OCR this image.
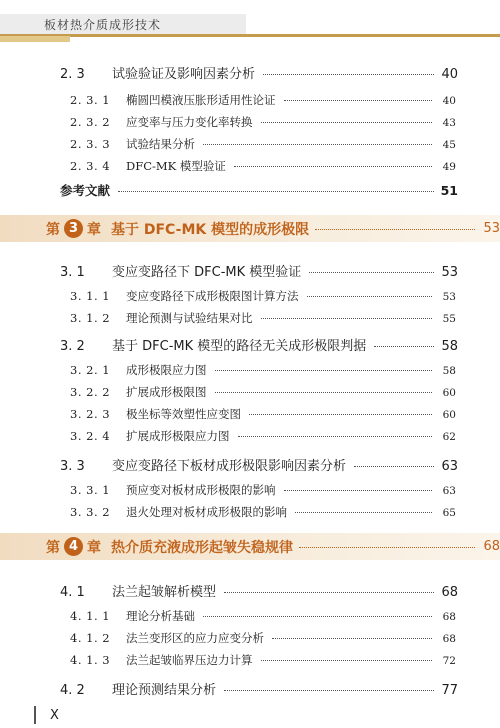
板材热介质成形技术
2. 3	试验验证及影响因素分析	40
2. 3. 1	椭圆凹模液压胀形适用性论证	40
2. 3. 2	应变率与压力变化率转换	43
2. 3. 3	试验结果分析	45
2. 3. 4	DFC-MK 模型验证	49
参考文献	51
第 3 章 基于 DFC-MK 模型的成形极限	53
3. 1	变应变路径下 DFC-MK 模型验证	53
3. 1. 1	变应变路径下成形极限图计算方法	53
3. 1. 2	理论预测与试验结果对比	55
3. 2	基于 DFC-MK 模型的路径无关成形极限判据	58
3. 2. 1	成形极限应力图	58
3. 2. 2	扩展成形极限图	60
3. 2. 3	极坐标等效塑性应变图	60
3. 2. 4	扩展成形极限应力图	62
3. 3	变应变路径下板材成形极限影响因素分析	63
3. 3. 1	预应变对板材成形极限的影响	63
3. 3. 2	退火处理对板材成形极限的影响	65
第 4 章 热介质充液成形起皱失稳规律	68
4. 1	法兰起皱解析模型	68
4. 1. 1	理论分析基础	68
4. 1. 2	法兰变形区的应力应变分析	68
4. 1. 3	法兰起皱临界压边力计算	72
4. 2	理论预测结果分析	77
X
